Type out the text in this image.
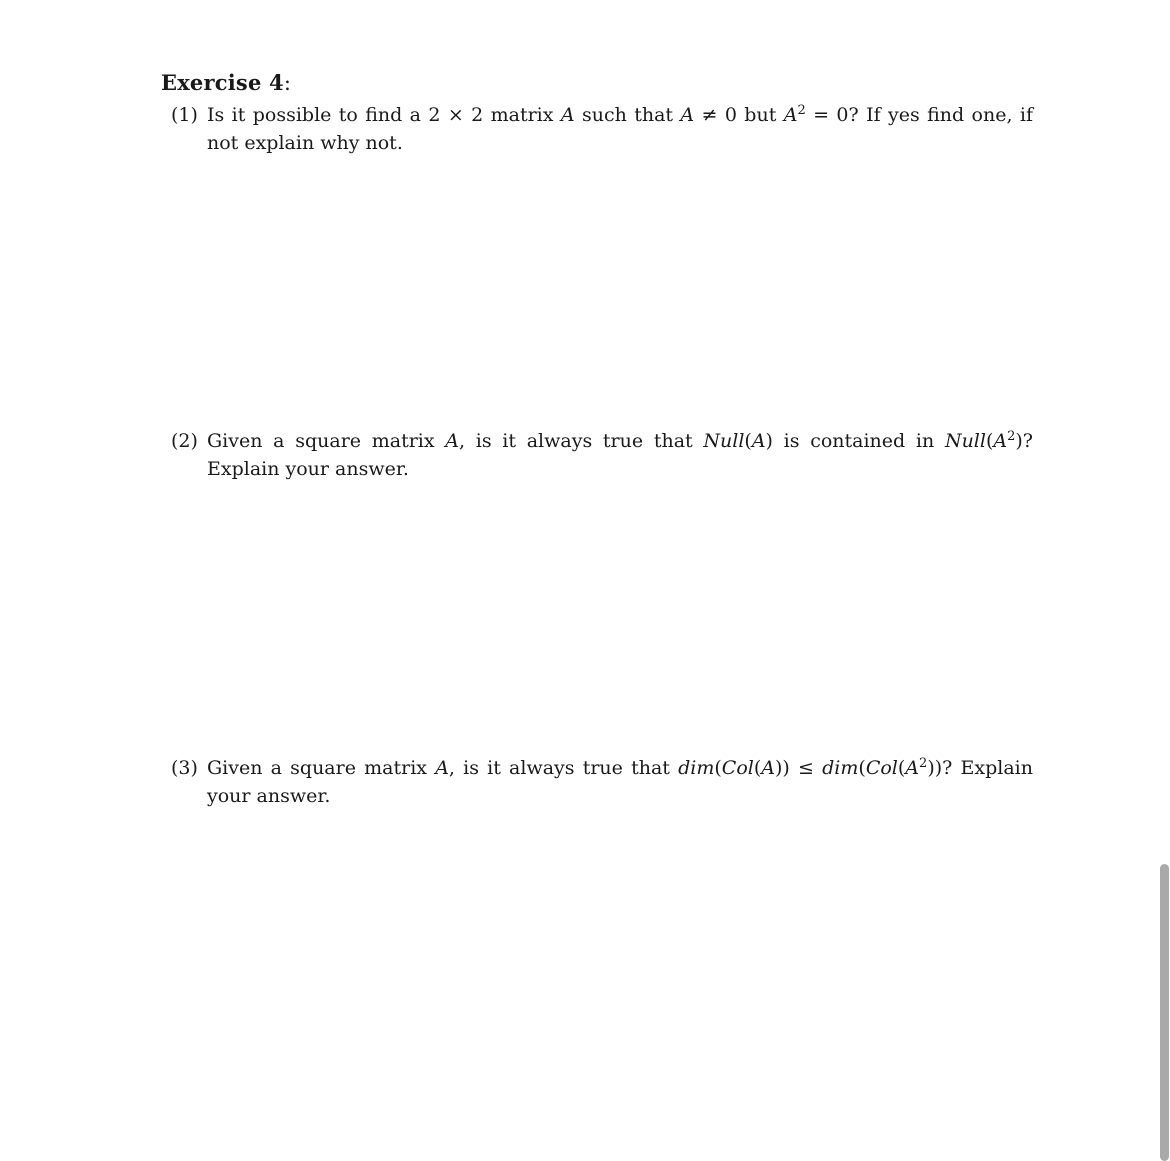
Exercise 4:
(1) Is it possible to find a 2 × 2 matrix A such that A ≠ 0 but $A^2 = 0$? If yes find one, if not explain why not.
(2) Given a square matrix A, is it always true that Null(A) is contained in $Null(A^2)$? Explain your answer.
(3) Given a square matrix A, is it always true that $dim(Col(A)) \le dim(Col(A^2))$? Explain your answer.
